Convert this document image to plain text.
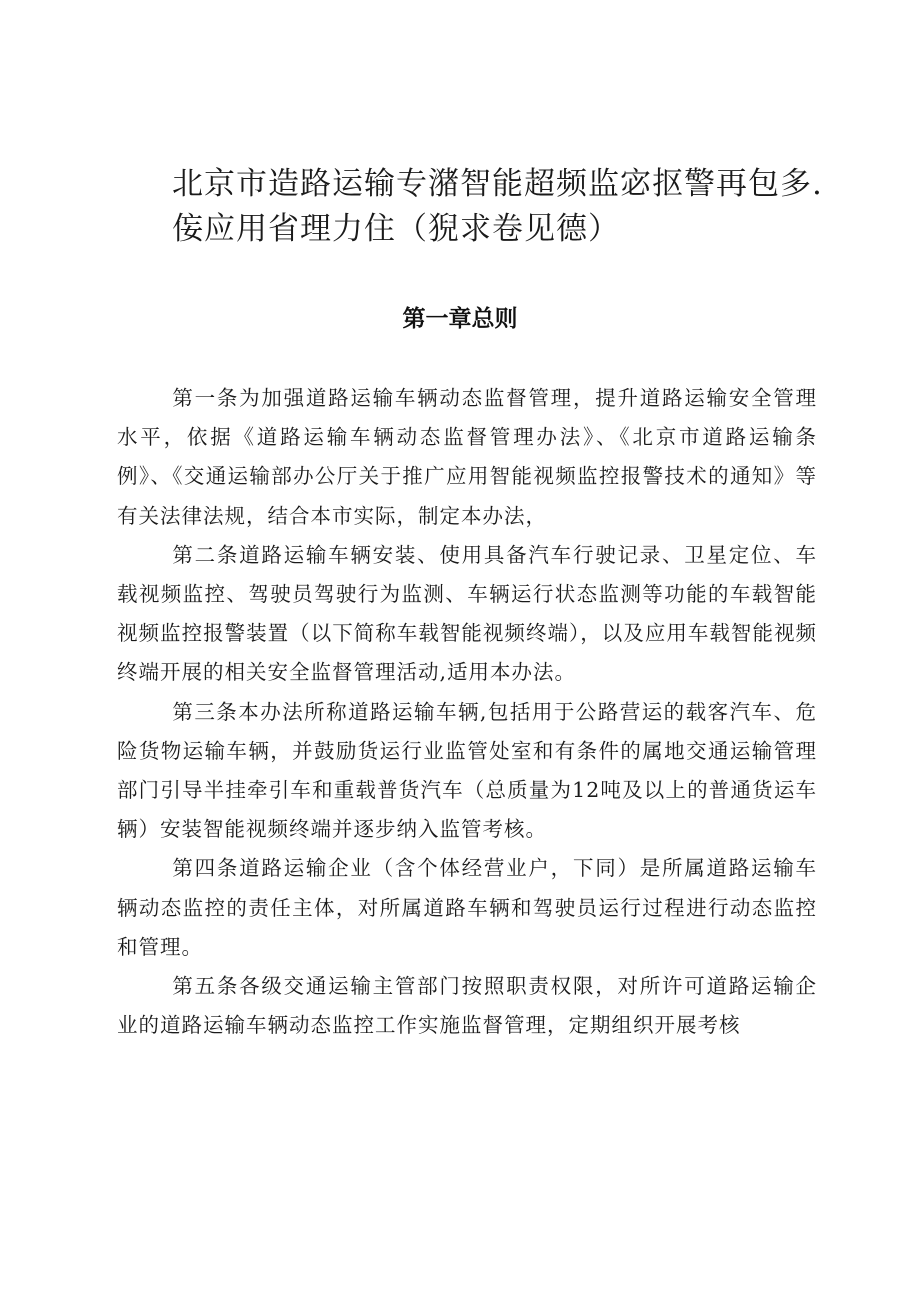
北京市造路运输专潴智能超频监宓抠警再包多.
侫应用省理力住（猊求卷见德）
第一章总则

第一条为加强道路运输车辆动态监督管理，提升道路运输安全管理水平，依据《道路运输车辆动态监督管理办法》、《北京市道路运输条例》、《交通运输部办公厅关于推广应用智能视频监控报警技术的通知》等有关法律法规，结合本市实际，制定本办法，

第二条道路运输车辆安装、使用具备汽车行驶记录、卫星定位、车载视频监控、驾驶员驾驶行为监测、车辆运行状态监测等功能的车载智能视频监控报警装置（以下简称车载智能视频终端），以及应用车载智能视频终端开展的相关安全监督管理活动,适用本办法。

第三条本办法所称道路运输车辆,包括用于公路营运的载客汽车、危险货物运输车辆，并鼓励货运行业监管处室和有条件的属地交通运输管理部门引导半挂牵引车和重载普货汽车（总质量为12吨及以上的普通货运车辆）安装智能视频终端并逐步纳入监管考核。

第四条道路运输企业（含个体经营业户，下同）是所属道路运输车辆动态监控的责任主体，对所属道路车辆和驾驶员运行过程进行动态监控和管理。

第五条各级交通运输主管部门按照职责权限，对所许可道路运输企业的道路运输车辆动态监控工作实施监督管理，定期组织开展考核
